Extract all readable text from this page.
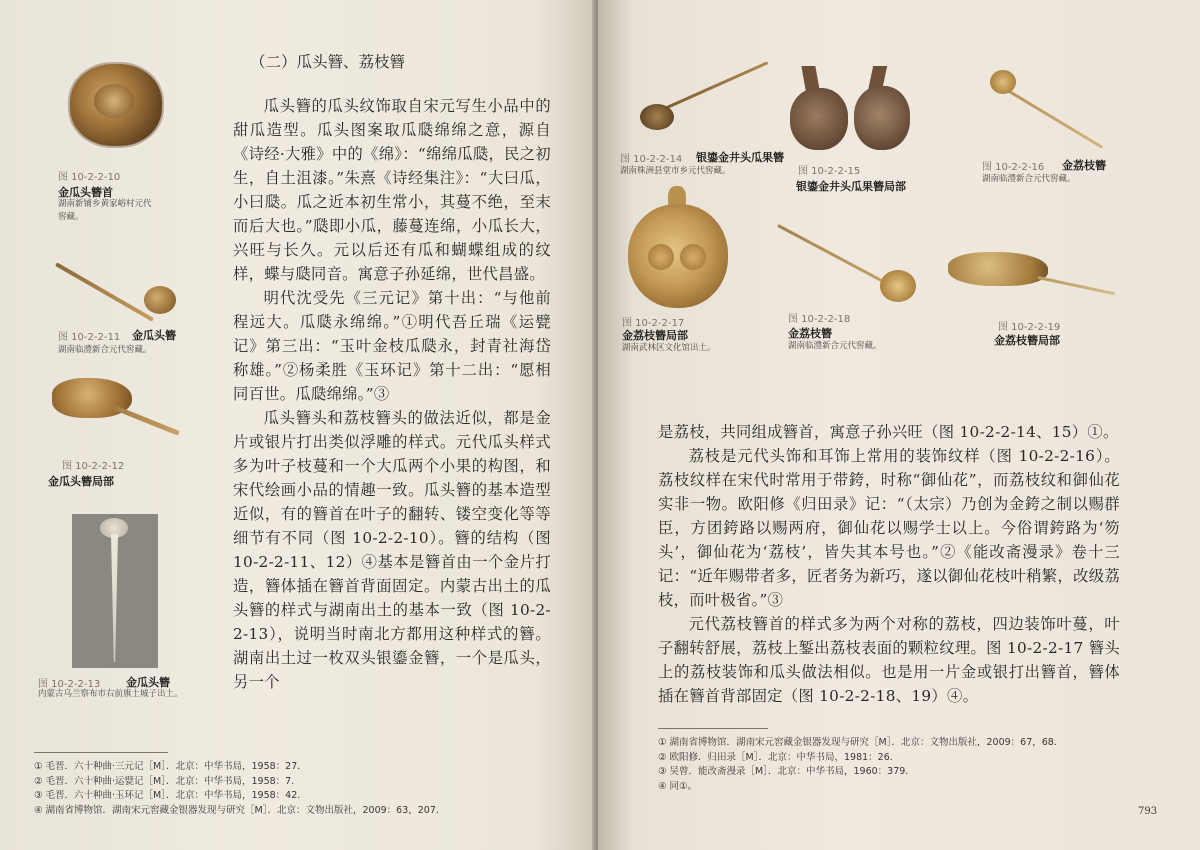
图 10-2-2-10
金瓜头簪首
湖南新铺乡黄家峪村元代
窖藏。
图 10-2-2-11 金瓜头簪
湖南临澧新合元代窖藏。
图 10-2-2-12
金瓜头簪局部
图 10-2-2-13 金瓜头簪
内蒙古乌兰察布市右前旗土城子出土。
（二）瓜头簪、荔枝簪

瓜头簪的瓜头纹饰取自宋元写生小品中的甜瓜造型。瓜头图案取瓜瓞绵绵之意，源自《诗经·大雅》中的《绵》：“绵绵瓜瓞，民之初生，自土沮漆。”朱熹《诗经集注》：“大曰瓜，小曰瓞。瓜之近本初生常小，其蔓不绝，至末而后大也。”瓞即小瓜，藤蔓连绵，小瓜长大，兴旺与长久。元以后还有瓜和蝴蝶组成的纹样，蝶与瓞同音。寓意子孙延绵，世代昌盛。

明代沈受先《三元记》第十出：“与他前程远大。瓜瓞永绵绵。”①明代吾丘瑞《运甓记》第三出：“玉叶金枝瓜瓞永，封青社海岱称雄。”②杨柔胜《玉环记》第十二出：“愿相同百世。瓜瓞绵绵。”③

瓜头簪头和荔枝簪头的做法近似，都是金片或银片打出类似浮雕的样式。元代瓜头样式多为叶子枝蔓和一个大瓜两个小果的构图，和宋代绘画小品的情趣一致。瓜头簪的基本造型近似，有的簪首在叶子的翻转、镂空变化等等细节有不同（图 10-2-2-10）。簪的结构（图 10-2-2-11、12）④基本是簪首由一个金片打造，簪体插在簪首背面固定。内蒙古出土的瓜头簪的样式与湖南出土的基本一致（图 10-2-2-13），说明当时南北方都用这种样式的簪。湖南出土过一枚双头银鎏金簪，一个是瓜头，另一个

① 毛晋．六十种曲·三元记［M］．北京：中华书局，1958：27．
② 毛晋．六十种曲·运甓记［M］．北京：中华书局，1958：7．
③ 毛晋．六十种曲·玉环记［M］．北京：中华书局，1958：42．
④ 湖南省博物馆．湖南宋元窖藏金银器发现与研究［M］．北京：文物出版社，2009：63，207．
图 10-2-2-14 银鎏金井头瓜果簪
湖南株洲县堂市乡元代窖藏。	图 10-2-2-15
银鎏金井头瓜果簪局部
图 10-2-2-16 金荔枝簪
湖南临澧新合元代窖藏。
图 10-2-2-17
金荔枝簪局部
湖南武林区文化馆出土。
图 10-2-2-18
金荔枝簪
湖南临澧新合元代窖藏。
图 10-2-2-19
金荔枝簪局部

是荔枝，共同组成簪首，寓意子孙兴旺（图 10-2-2-14、15）①。

荔枝是元代头饰和耳饰上常用的装饰纹样（图 10-2-2-16）。荔枝纹样在宋代时常用于带銙，时称“御仙花”，而荔枝纹和御仙花实非一物。欧阳修《归田录》记：“（太宗）乃创为金銙之制以赐群臣，方团銙路以赐两府，御仙花以赐学士以上。今俗谓銙路为‘笏头’，御仙花为‘荔枝’，皆失其本号也。”②《能改斋漫录》卷十三记：“近年赐带者多，匠者务为新巧，遂以御仙花枝叶稍繁，改级荔枝，而叶极省。”③

元代荔枝簪首的样式多为两个对称的荔枝，四边装饰叶蔓，叶子翻转舒展，荔枝上錾出荔枝表面的颗粒纹理。图 10-2-2-17 簪头上的荔枝装饰和瓜头做法相似。也是用一片金或银打出簪首，簪体插在簪首背部固定（图 10-2-2-18、19）④。

① 湖南省博物馆．湖南宋元窖藏金银器发现与研究［M］．北京：文物出版社，2009：67，68．
② 欧阳修．归田录［M］．北京：中华书局，1981：26．
③ 吴曾．能改斋漫录［M］．北京：中华书局，1960：379．
④ 同①。
793
